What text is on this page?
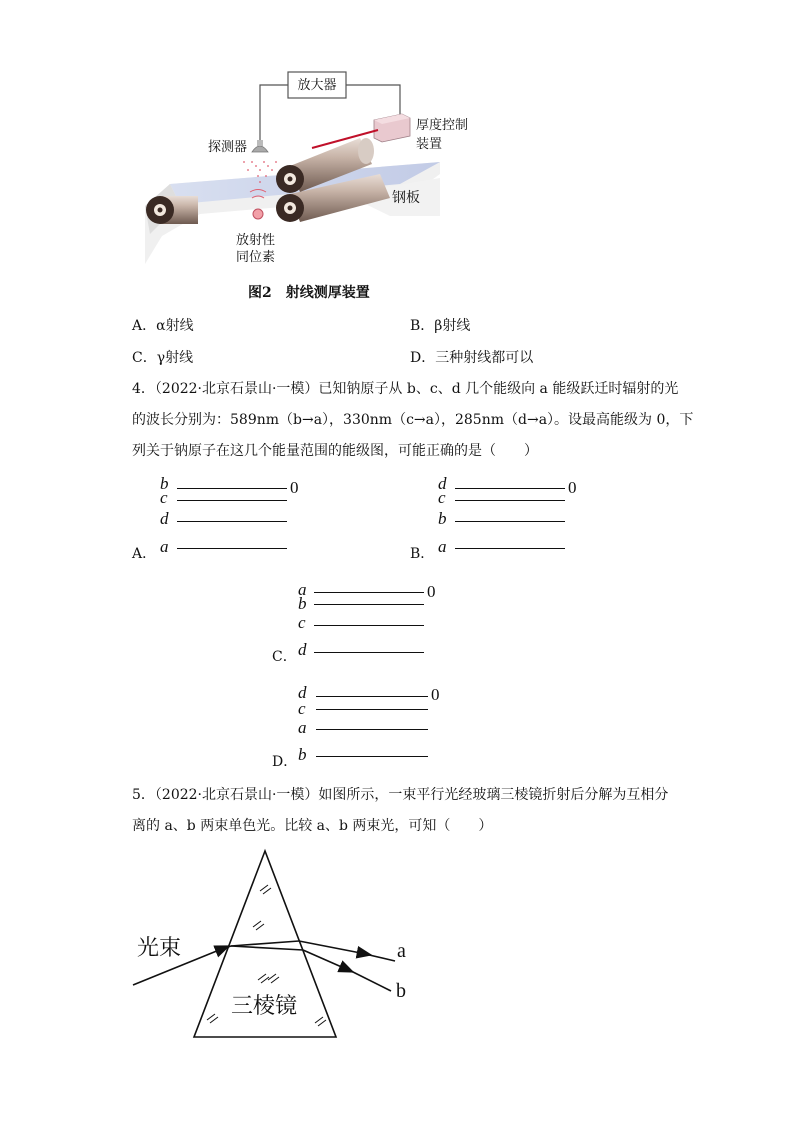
放大器
厚度控制装置
探测器
钢板
放射性
同位素
图2　射线测厚装置
A．α射线	B．β射线
C．γ射线	D．三种射线都可以
4．（2022·北京石景山·一模）已知钠原子从 b、c、d 几个能级向 a 能级跃迁时辐射的光
的波长分别为：589nm（b→a），330nm（c→a），285nm（d→a）。设最高能级为 0，下
列关于钠原子在这几个能量范围的能级图，可能正确的是（　　）
A．
b
c
d
a
0
B．
d
c
b
a
0
C．
a
b
c
d
0
D．
d
c
a
b
0
5．（2022·北京石景山·一模）如图所示，一束平行光经玻璃三棱镜折射后分解为互相分
离的 a、b 两束单色光。比较 a、b 两束光，可知（　　）
光束
三棱镜
a
b
